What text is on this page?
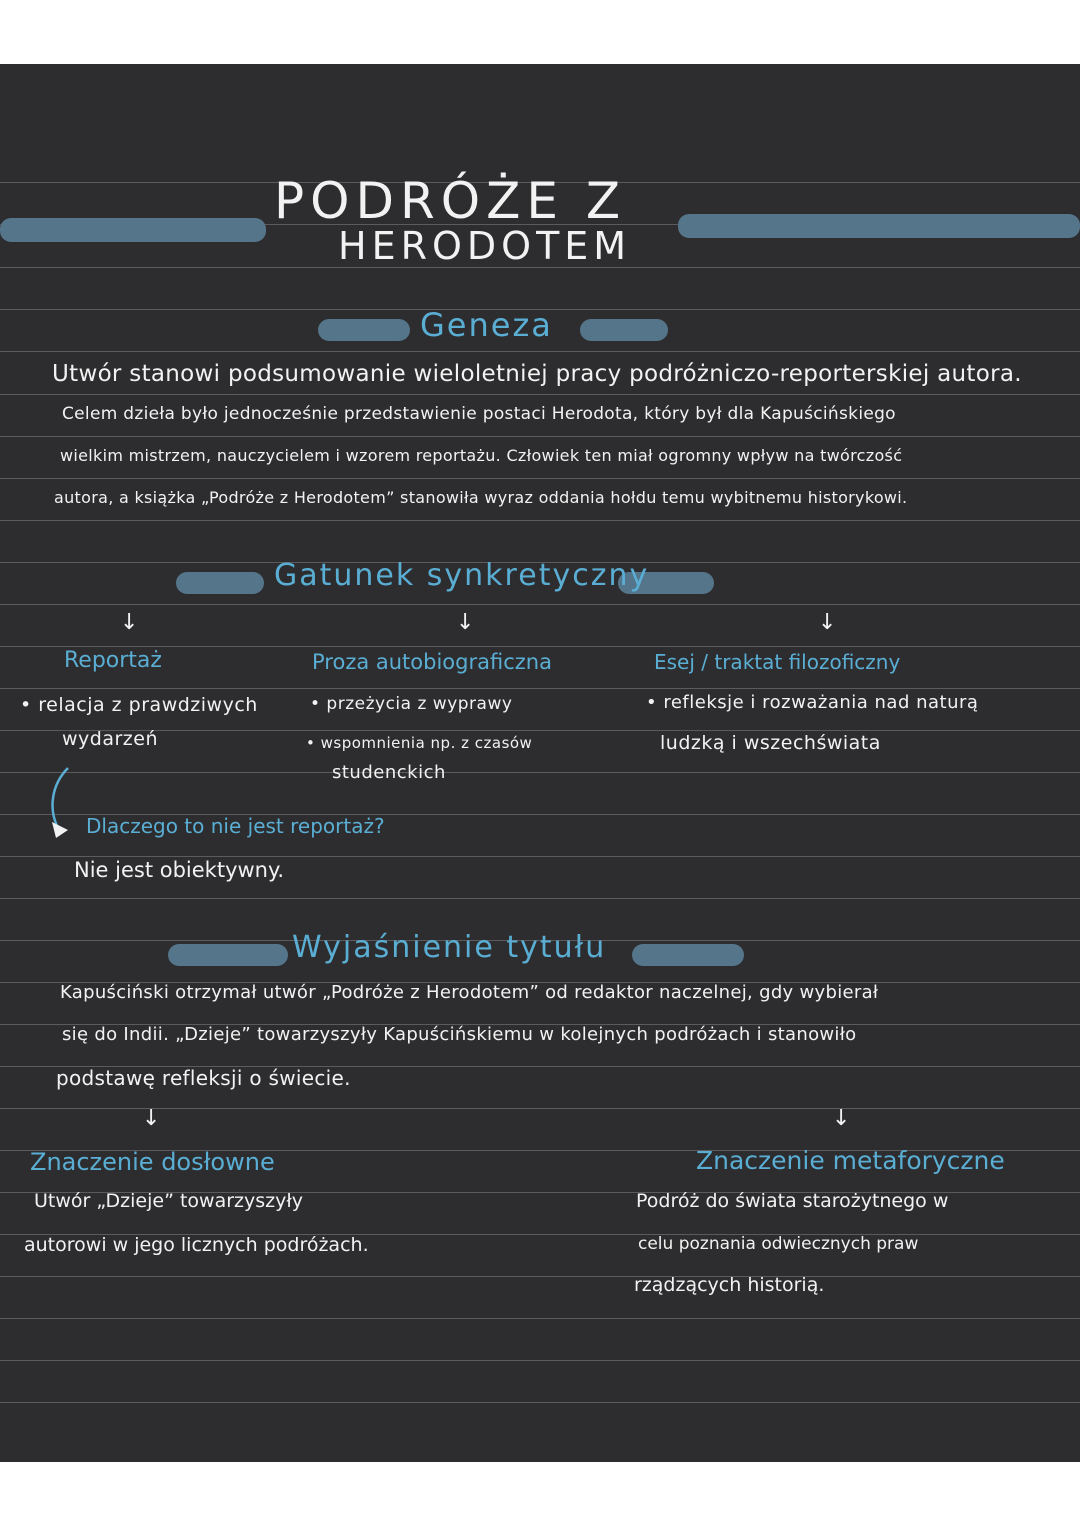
PODRÓŻE Z
HERODOTEM
Geneza
Utwór stanowi podsumowanie wieloletniej pracy podróżniczo-reporterskiej autora.
Celem dzieła było jednocześnie przedstawienie postaci Herodota, który był dla Kapuścińskiego
wielkim mistrzem, nauczycielem i wzorem reportażu. Człowiek ten miał ogromny wpływ na twórczość
autora, a książka „Podróże z Herodotem” stanowiła wyraz oddania hołdu temu wybitnemu historykowi.
Gatunek synkretyczny
↓	↓	↓
Reportaż	Proza autobiograficzna	Esej / traktat filozoficzny
• relacja z prawdziwych
wydarzeń
• przeżycia z wyprawy
• wspomnienia np. z czasów
studenckich
• refleksje i rozważania nad naturą
ludzką i wszechświata
Dlaczego to nie jest reportaż?
Nie jest obiektywny.
Wyjaśnienie tytułu
Kapuściński otrzymał utwór „Podróże z Herodotem” od redaktor naczelnej, gdy wybierał
się do Indii. „Dzieje” towarzyszyły Kapuścińskiemu w kolejnych podróżach i stanowiło
podstawę refleksji o świecie.
↓	↓
Znaczenie dosłowne	Znaczenie metaforyczne
Utwór „Dzieje” towarzyszyły
autorowi w jego licznych podróżach.
Podróż do świata starożytnego w
celu poznania odwiecznych praw
rządzących historią.
